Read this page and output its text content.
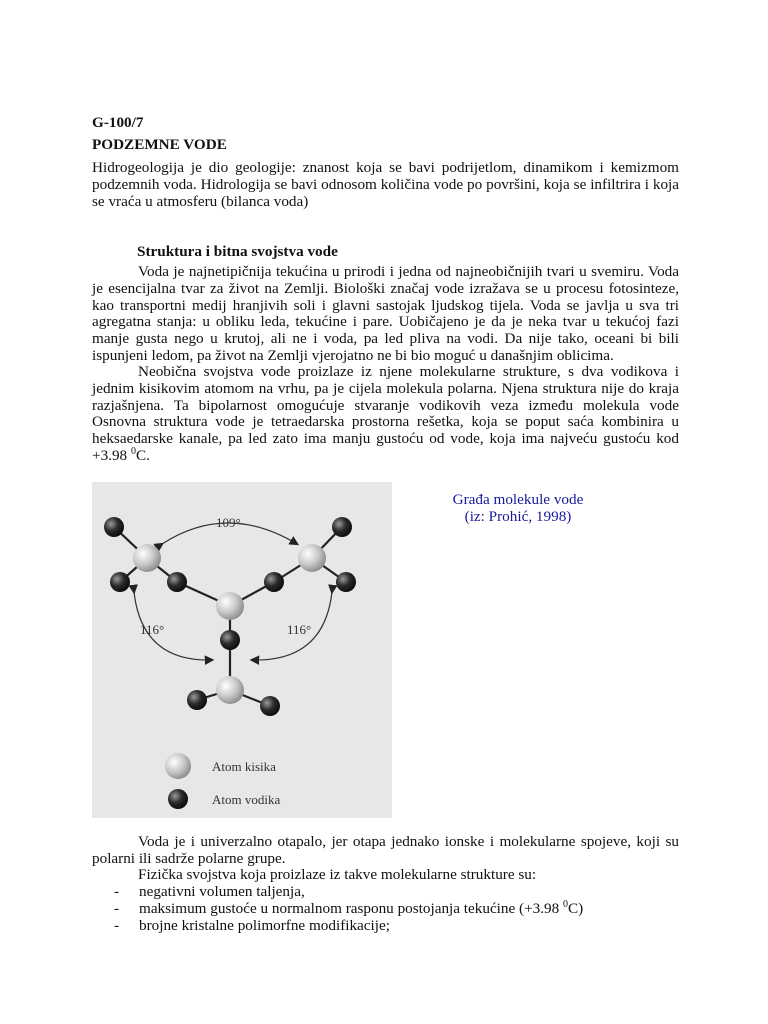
G-100/7
PODZEMNE VODE

Hidrogeologija je dio geologije: znanost koja se bavi podrijetlom, dinamikom i kemizmom podzemnih voda. Hidrologija se bavi odnosom količina vode po površini, koja se infiltrira i koja se vraća u atmosferu (bilanca voda)

Struktura i bitna svojstva vode

Voda je najnetipičnija tekućina u prirodi i jedna od najneobičnijih tvari u svemiru. Voda je esencijalna tvar za život na Zemlji. Biološki značaj vode izražava se u procesu fotosinteze, kao transportni medij hranjivih soli i glavni sastojak ljudskog tijela. Voda se javlja u sva tri agregatna stanja: u obliku leda, tekućine i pare. Uobičajeno je da je neka tvar u tekućoj fazi manje gusta nego u krutoj, ali ne i voda, pa led pliva na vodi. Da nije tako, oceani bi bili ispunjeni ledom, pa život na Zemlji vjerojatno ne bi bio moguć u današnjim oblicima.

Neobična svojstva vode proizlaze iz njene molekularne strukture, s dva vodikova i jednim kisikovim atomom na vrhu, pa je cijela molekula polarna. Njena struktura nije do kraja razjašnjena. Ta bipolarnost omogućuje stvaranje vodikovih veza između molekula vode Osnovna struktura vode je tetraedarska prostorna rešetka, koja se poput saća kombinira u heksaedarske kanale, pa led zato ima manju gustoću od vode, koja ima najveću gustoću kod +3.98 $^0$C.

109°
116°	116°
Atom kisika
Atom vodika
Građa molekule vode
(iz: Prohić, 1998)

Voda je i univerzalno otapalo, jer otapa jednako ionske i molekularne spojeve, koji su polarni ili sadrže polarne grupe.

Fizička svojstva koja proizlaze iz takve molekularne strukture su:

- negativni volumen taljenja,
- maksimum gustoće u normalnom rasponu postojanja tekućine (+3.98 $^0$C)
- brojne kristalne polimorfne modifikacije;
